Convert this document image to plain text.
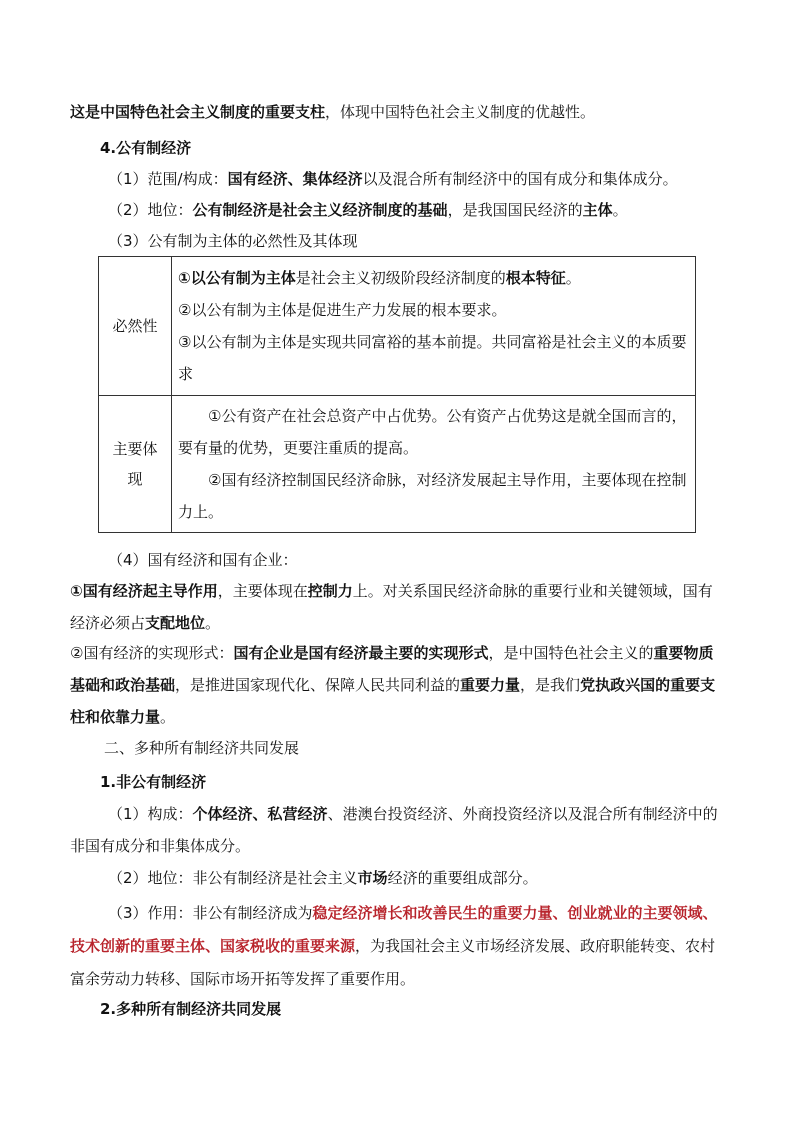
这是中国特色社会主义制度的重要支柱，体现中国特色社会主义制度的优越性。
4.公有制经济
（1）范围/构成：国有经济、集体经济以及混合所有制经济中的国有成分和集体成分。
（2）地位：公有制经济是社会主义经济制度的基础，是我国国民经济的主体。
（3）公有制为主体的必然性及其体现
必然性	①以公有制为主体是社会主义初级阶段经济制度的根本特征。

②以公有制为主体是促进生产力发展的根本要求。

③以公有制为主体是实现共同富裕的基本前提。共同富裕是社会主义的本质要求

主要体现	①公有资产在社会总资产中占优势。公有资产占优势这是就全国而言的，要有量的优势，更要注重质的提高。

②国有经济控制国民经济命脉，对经济发展起主导作用，主要体现在控制力上。

（4）国有经济和国有企业：
①国有经济起主导作用，主要体现在控制力上。对关系国民经济命脉的重要行业和关键领域，国有经济必须占支配地位。
②国有经济的实现形式：国有企业是国有经济最主要的实现形式，是中国特色社会主义的重要物质基础和政治基础，是推进国家现代化、保障人民共同利益的重要力量，是我们党执政兴国的重要支柱和依靠力量。
二、多种所有制经济共同发展
1.非公有制经济
（1）构成：个体经济、私营经济、港澳台投资经济、外商投资经济以及混合所有制经济中的非国有成分和非集体成分。
（2）地位：非公有制经济是社会主义市场经济的重要组成部分。
（3）作用：非公有制经济成为稳定经济增长和改善民生的重要力量、创业就业的主要领域、技术创新的重要主体、国家税收的重要来源，为我国社会主义市场经济发展、政府职能转变、农村富余劳动力转移、国际市场开拓等发挥了重要作用。
2.多种所有制经济共同发展
